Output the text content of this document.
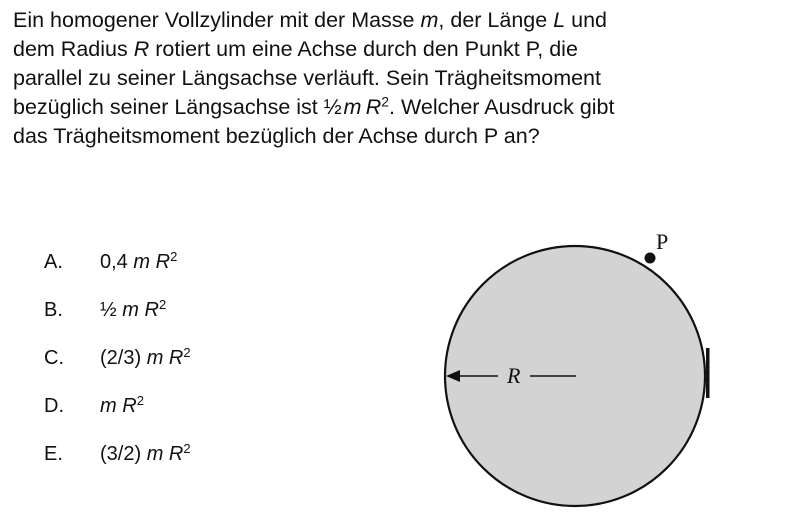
Ein homogener Vollzylinder mit der Masse m, der Länge L und
dem Radius R rotiert um eine Achse durch den Punkt P, die
parallel zu seiner Längsachse verläuft. Sein Trägheitsmoment
bezüglich seiner Längsachse ist ½ m  $R^2$. Welcher Ausdruck gibt
das Trägheitsmoment bezüglich der Achse durch P an?
A.	0,4 m $R^2$
B.	½ m $R^2$
C.	(2/3) m $R^2$
D.	m $R^2$
E.	(3/2) m $R^2$
R
P
